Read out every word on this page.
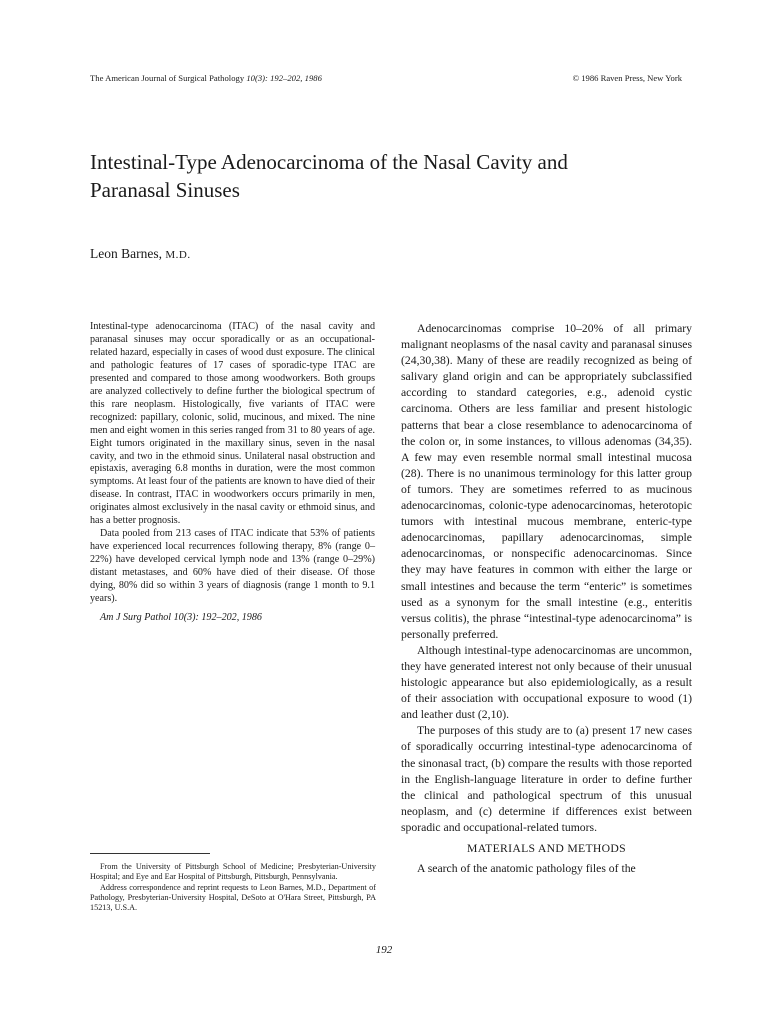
The American Journal of Surgical Pathology 10(3): 192–202, 1986	© 1986 Raven Press, New York
Intestinal-Type Adenocarcinoma of the Nasal Cavity and Paranasal Sinuses
Leon Barnes, M.D.

Intestinal-type adenocarcinoma (ITAC) of the nasal cavity and paranasal sinuses may occur sporadically or as an occupational-related hazard, especially in cases of wood dust exposure. The clinical and pathologic features of 17 cases of sporadic-type ITAC are presented and compared to those among woodworkers. Both groups are analyzed collectively to define further the biological spectrum of this rare neoplasm. Histologically, five variants of ITAC were recognized: papillary, colonic, solid, mucinous, and mixed. The nine men and eight women in this series ranged from 31 to 80 years of age. Eight tumors originated in the maxillary sinus, seven in the nasal cavity, and two in the ethmoid sinus. Unilateral nasal obstruction and epistaxis, averaging 6.8 months in duration, were the most common symptoms. At least four of the patients are known to have died of their disease. In contrast, ITAC in woodworkers occurs primarily in men, originates almost exclusively in the nasal cavity or ethmoid sinus, and has a better prognosis.

Data pooled from 213 cases of ITAC indicate that 53% of patients have experienced local recurrences following therapy, 8% (range 0–22%) have developed cervical lymph node and 13% (range 0–29%) distant metastases, and 60% have died of their disease. Of those dying, 80% did so within 3 years of diagnosis (range 1 month to 9.1 years).

Am J Surg Pathol 10(3): 192–202, 1986

From the University of Pittsburgh School of Medicine; Presbyterian-University Hospital; and Eye and Ear Hospital of Pittsburgh, Pittsburgh, Pennsylvania.

Address correspondence and reprint requests to Leon Barnes, M.D., Department of Pathology, Presbyterian-University Hospital, DeSoto at O'Hara Street, Pittsburgh, PA 15213, U.S.A.

Adenocarcinomas comprise 10–20% of all primary malignant neoplasms of the nasal cavity and paranasal sinuses (24,30,38). Many of these are readily recognized as being of salivary gland origin and can be appropriately subclassified according to standard categories, e.g., adenoid cystic carcinoma. Others are less familiar and present histologic patterns that bear a close resemblance to adenocarcinoma of the colon or, in some instances, to villous adenomas (34,35). A few may even resemble normal small intestinal mucosa (28). There is no unanimous terminology for this latter group of tumors. They are sometimes referred to as mucinous adenocarcinomas, colonic-type adenocarcinomas, heterotopic tumors with intestinal mucous membrane, enteric-type adenocarcinomas, papillary adenocarcinomas, simple adenocarcinomas, or nonspecific adenocarcinomas. Since they may have features in common with either the large or small intestines and because the term “enteric” is sometimes used as a synonym for the small intestine (e.g., enteritis versus colitis), the phrase “intestinal-type adenocarcinoma” is personally preferred.

Although intestinal-type adenocarcinomas are uncommon, they have generated interest not only because of their unusual histologic appearance but also epidemiologically, as a result of their association with occupational exposure to wood (1) and leather dust (2,10).

The purposes of this study are to (a) present 17 new cases of sporadically occurring intestinal-type adenocarcinoma of the sinonasal tract, (b) compare the results with those reported in the English-language literature in order to define further the clinical and pathological spectrum of this unusual neoplasm, and (c) determine if differences exist between sporadic and occupational-related tumors.

MATERIALS AND METHODS

A search of the anatomic pathology files of the

192
